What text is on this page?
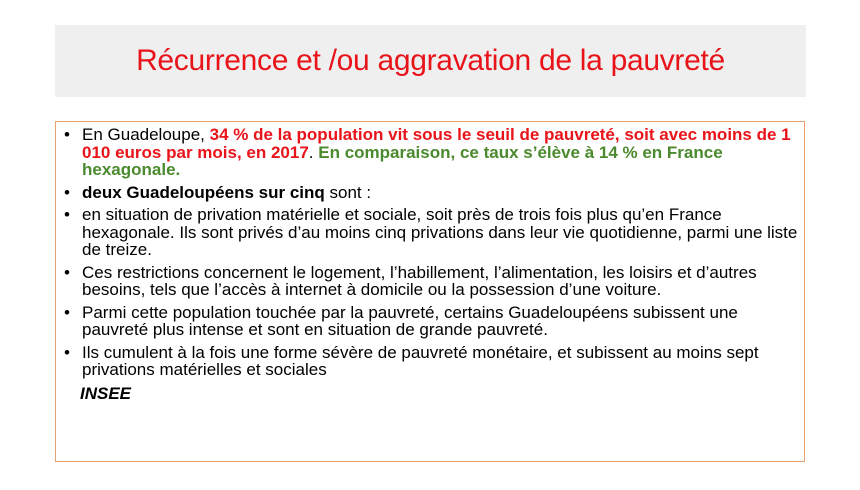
Récurrence et /ou aggravation de la pauvreté
• En Guadeloupe, 34 % de la population vit sous le seuil de pauvreté, soit avec moins de 1 010 euros par mois, en 2017. En comparaison, ce taux s’élève à 14 % en France hexagonale.
• deux Guadeloupéens sur cinq sont :
• en situation de privation matérielle et sociale, soit près de trois fois plus qu’en France hexagonale. Ils sont privés d’au moins cinq privations dans leur vie quotidienne, parmi une liste de treize.
• Ces restrictions concernent le logement, l’habillement, l’alimentation, les loisirs et d’autres besoins, tels que l’accès à internet à domicile ou la possession d’une voiture.
• Parmi cette population touchée par la pauvreté, certains Guadeloupéens subissent une pauvreté plus intense et sont en situation de grande pauvreté.
• Ils cumulent à la fois une forme sévère de pauvreté monétaire, et subissent au moins sept privations matérielles et sociales
INSEE
